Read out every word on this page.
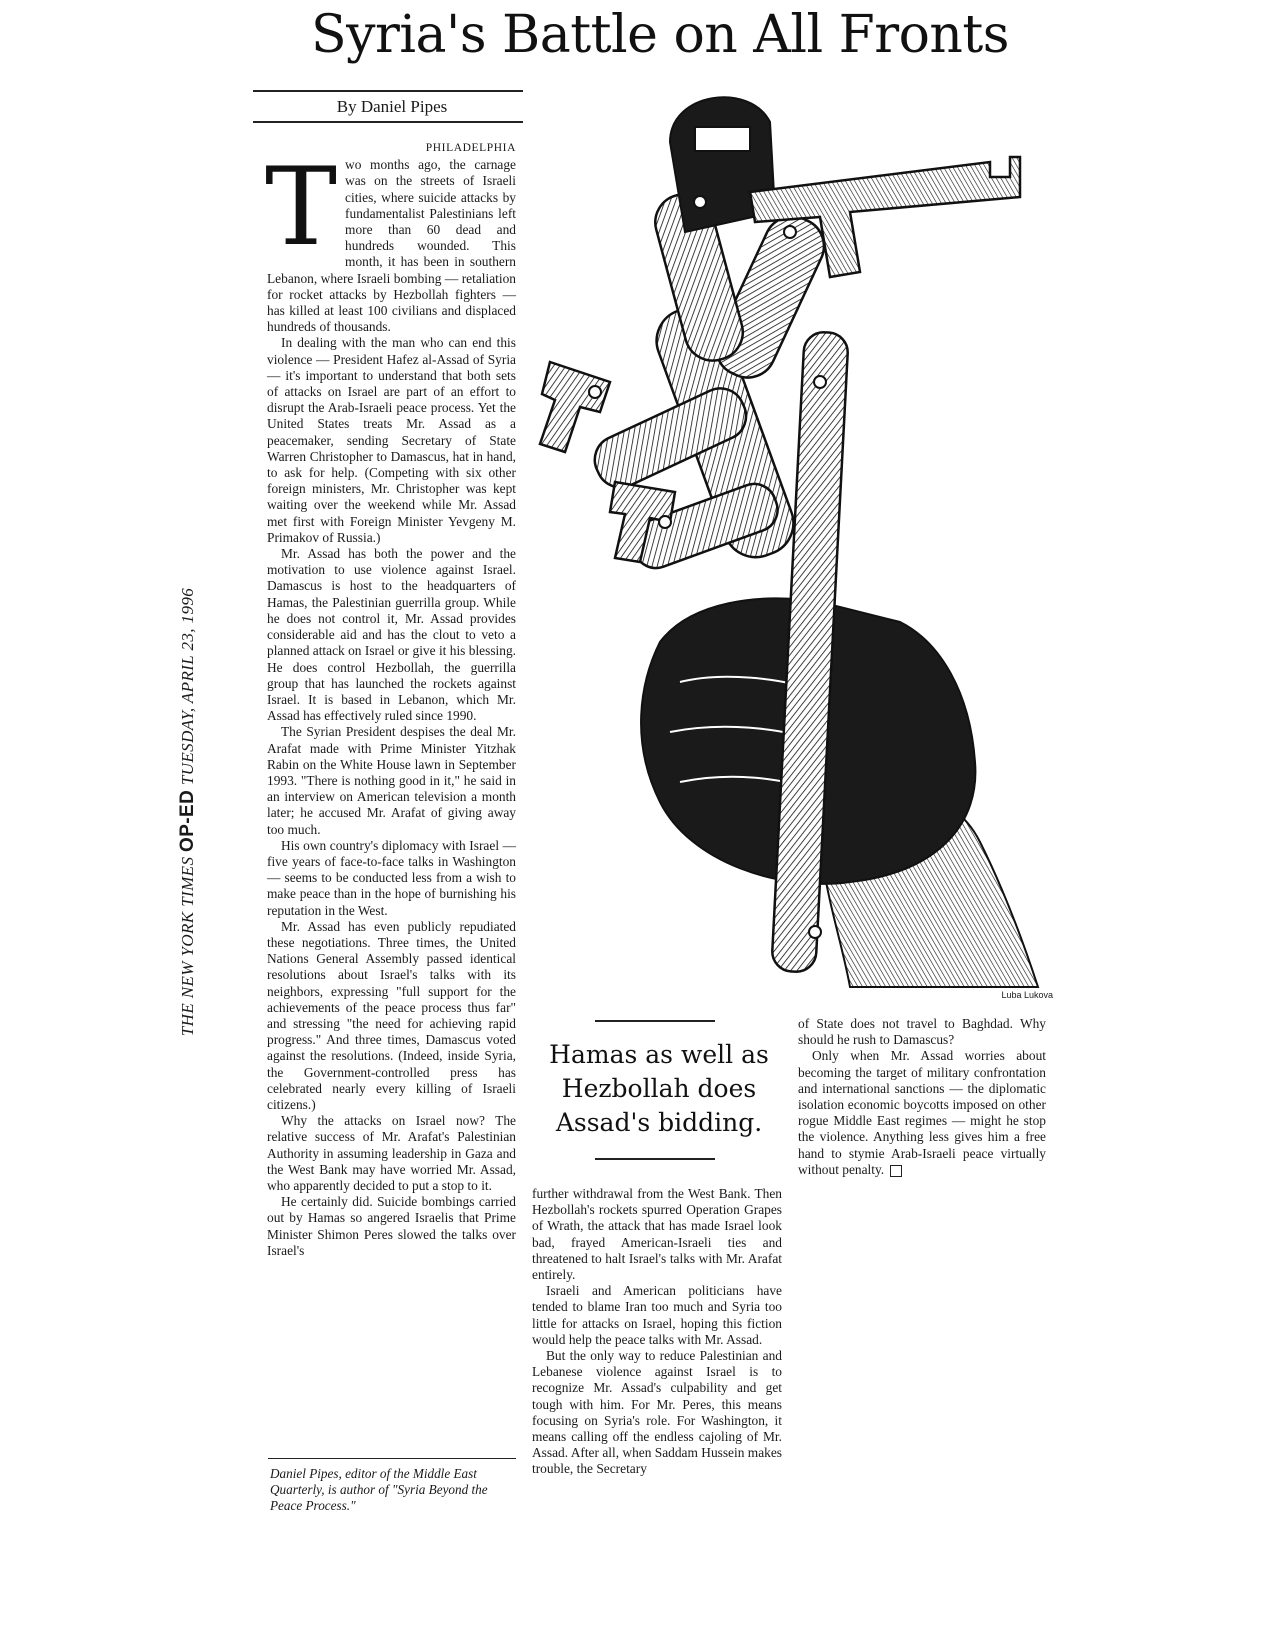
Syria's Battle on All Fronts
By Daniel Pipes
THE NEW YORK TIMES OP-ED TUESDAY, APRIL 23, 1996
PHILADELPHIA

Two months ago, the carnage was on the streets of Israeli cities, where suicide attacks by fundamentalist Palestinians left more than 60 dead and hundreds wounded. This month, it has been in southern Lebanon, where Israeli bombing — retaliation for rocket attacks by Hezbollah fighters — has killed at least 100 civilians and displaced hundreds of thousands.

In dealing with the man who can end this violence — President Hafez al-Assad of Syria — it's important to understand that both sets of attacks on Israel are part of an effort to disrupt the Arab-Israeli peace process. Yet the United States treats Mr. Assad as a peacemaker, sending Secretary of State Warren Christopher to Damascus, hat in hand, to ask for help. (Competing with six other foreign ministers, Mr. Christopher was kept waiting over the weekend while Mr. Assad met first with Foreign Minister Yevgeny M. Primakov of Russia.)

Mr. Assad has both the power and the motivation to use violence against Israel. Damascus is host to the headquarters of Hamas, the Palestinian guerrilla group. While he does not control it, Mr. Assad provides considerable aid and has the clout to veto a planned attack on Israel or give it his blessing. He does control Hezbollah, the guerrilla group that has launched the rockets against Israel. It is based in Lebanon, which Mr. Assad has effectively ruled since 1990.

The Syrian President despises the deal Mr. Arafat made with Prime Minister Yitzhak Rabin on the White House lawn in September 1993. "There is nothing good in it," he said in an interview on American television a month later; he accused Mr. Arafat of giving away too much.

His own country's diplomacy with Israel — five years of face-to-face talks in Washington — seems to be conducted less from a wish to make peace than in the hope of burnishing his reputation in the West.

Mr. Assad has even publicly repudiated these negotiations. Three times, the United Nations General Assembly passed identical resolutions about Israel's talks with its neighbors, expressing "full support for the achievements of the peace process thus far" and stressing "the need for achieving rapid progress." And three times, Damascus voted against the resolutions. (Indeed, inside Syria, the Government-controlled press has celebrated nearly every killing of Israeli citizens.)

Why the attacks on Israel now? The relative success of Mr. Arafat's Palestinian Authority in assuming leadership in Gaza and the West Bank may have worried Mr. Assad, who apparently decided to put a stop to it.

He certainly did. Suicide bombings carried out by Hamas so angered Israelis that Prime Minister Shimon Peres slowed the talks over Israel's

Daniel Pipes, editor of the Middle East Quarterly, is author of "Syria Beyond the Peace Process."
Luba Lukova
Hamas as well as Hezbollah does Assad's bidding.

further withdrawal from the West Bank. Then Hezbollah's rockets spurred Operation Grapes of Wrath, the attack that has made Israel look bad, frayed American-Israeli ties and threatened to halt Israel's talks with Mr. Arafat entirely.

Israeli and American politicians have tended to blame Iran too much and Syria too little for attacks on Israel, hoping this fiction would help the peace talks with Mr. Assad.

But the only way to reduce Palestinian and Lebanese violence against Israel is to recognize Mr. Assad's culpability and get tough with him. For Mr. Peres, this means focusing on Syria's role. For Washington, it means calling off the endless cajoling of Mr. Assad. After all, when Saddam Hussein makes trouble, the Secretary

of State does not travel to Baghdad. Why should he rush to Damascus?

Only when Mr. Assad worries about becoming the target of military confrontation and international sanctions — the diplomatic isolation economic boycotts imposed on other rogue Middle East regimes — might he stop the violence. Anything less gives him a free hand to stymie Arab-Israeli peace virtually without penalty.
